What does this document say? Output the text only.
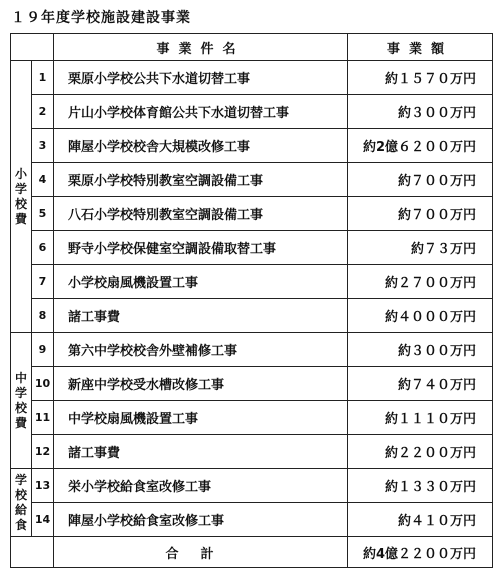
１９年度学校施設建設事業
		事業件名	事業額
小学校費	1	栗原小学校公共下水道切替工事	約１５７０万円
	2	片山小学校体育館公共下水道切替工事	約３００万円
	3	陣屋小学校校舎大規模改修工事	約2億６２００万円
	4	栗原小学校特別教室空調設備工事	約７００万円
	5	八石小学校特別教室空調設備工事	約７００万円
	6	野寺小学校保健室空調設備取替工事	約７３万円
	7	小学校扇風機設置工事	約２７００万円
	8	諸工事費	約４０００万円
中学校費	9	第六中学校校舎外壁補修工事	約３００万円
	10	新座中学校受水槽改修工事	約７４０万円
	11	中学校扇風機設置工事	約１１１０万円
	12	諸工事費	約２２００万円
学校給食	13	栄小学校給食室改修工事	約１３３０万円
	14	陣屋小学校給食室改修工事	約４１０万円
		合計	約4億２２００万円
